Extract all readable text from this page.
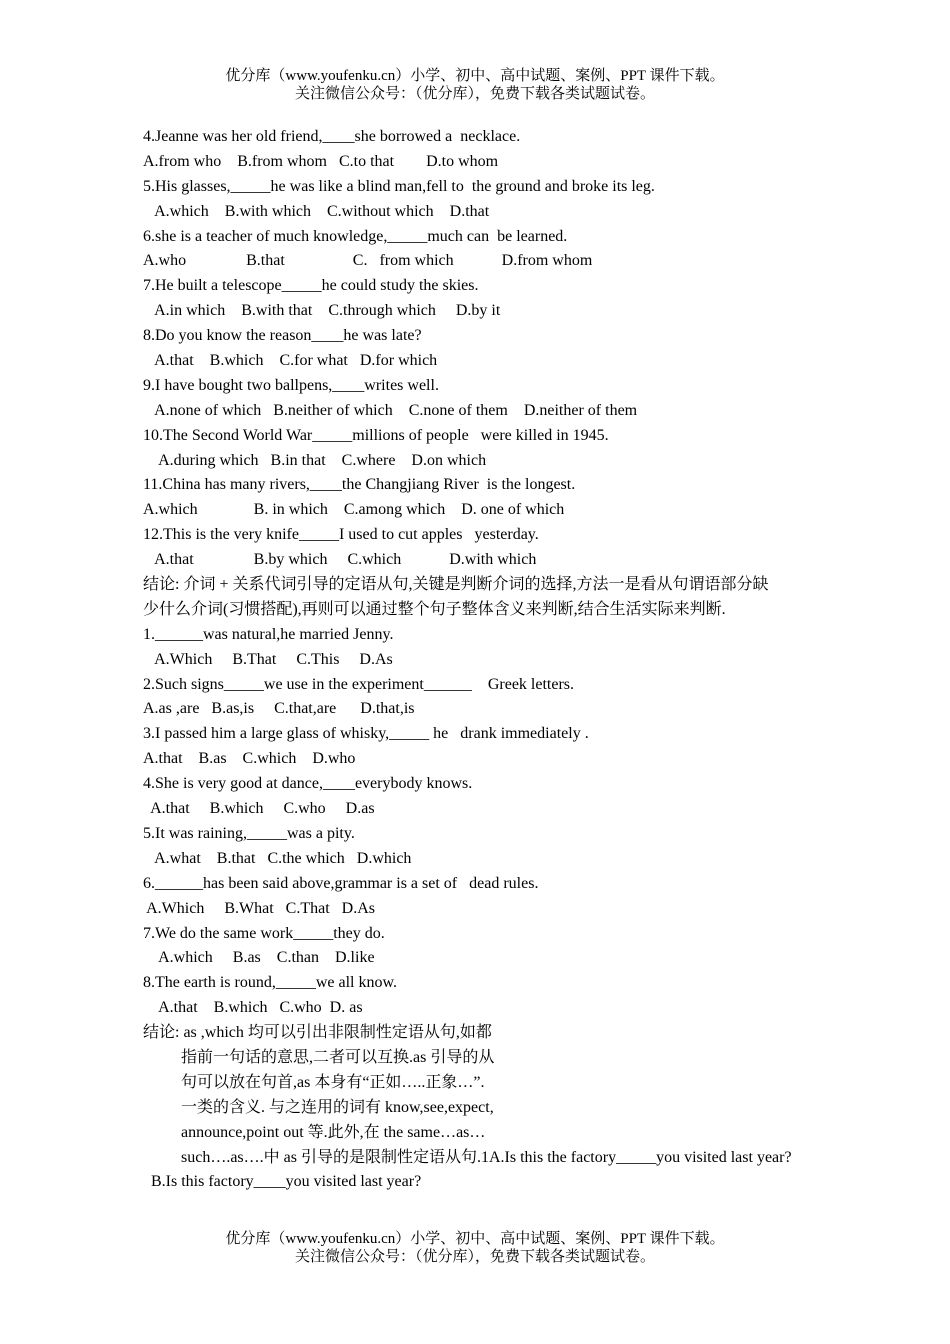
优分库（www.youfenku.cn）小学、初中、高中试题、案例、PPT 课件下载。
关注微信公众号：（优分库），免费下载各类试题试卷。
4.Jeanne was her old friend,____she borrowed a  necklace.
A.from who    B.from whom   C.to that        D.to whom
5.His glasses,_____he was like a blind man,fell to  the ground and broke its leg.
A.which    B.with which    C.without which    D.that
6.she is a teacher of much knowledge,_____much can  be learned.
A.who               B.that                 C.   from which            D.from whom
7.He built a telescope_____he could study the skies.
A.in which    B.with that    C.through which     D.by it
8.Do you know the reason____he was late?
A.that    B.which    C.for what   D.for which
9.I have bought two ballpens,____writes well.
A.none of which   B.neither of which    C.none of them    D.neither of them
10.The Second World War_____millions of people   were killed in 1945.
A.during which   B.in that    C.where    D.on which
11.China has many rivers,____the Changjiang River  is the longest.
A.which              B. in which    C.among which    D. one of which
12.This is the very knife_____I used to cut apples   yesterday.
A.that               B.by which     C.which            D.with which
结论: 介词 + 关系代词引导的定语从句,关键是判断介词的选择,方法一是看从句谓语部分缺
少什么介词(习惯搭配),再则可以通过整个句子整体含义来判断,结合生活实际来判断.
1.______was natural,he married Jenny.
A.Which     B.That     C.This     D.As
2.Such signs_____we use in the experiment______    Greek letters.
A.as ,are   B.as,is     C.that,are      D.that,is
3.I passed him a large glass of whisky,_____ he   drank immediately .
A.that    B.as    C.which    D.who
4.She is very good at dance,____everybody knows.
A.that     B.which     C.who     D.as
5.It was raining,_____was a pity.
A.what    B.that   C.the which   D.which
6.______has been said above,grammar is a set of   dead rules.
A.Which     B.What   C.That   D.As
7.We do the same work_____they do.
A.which     B.as    C.than    D.like
8.The earth is round,_____we all know.
A.that    B.which   C.who  D. as
结论: as ,which 均可以引出非限制性定语从句,如都
指前一句话的意思,二者可以互换.as 引导的从
句可以放在句首,as 本身有“正如…..正象…”.
一类的含义. 与之连用的词有 know,see,expect,
announce,point out 等.此外,在 the same…as…
such….as….中 as 引导的是限制性定语从句.1A.Is this the factory_____you visited last year?
B.Is this factory____you visited last year?
优分库（www.youfenku.cn）小学、初中、高中试题、案例、PPT 课件下载。
关注微信公众号：（优分库），免费下载各类试题试卷。
